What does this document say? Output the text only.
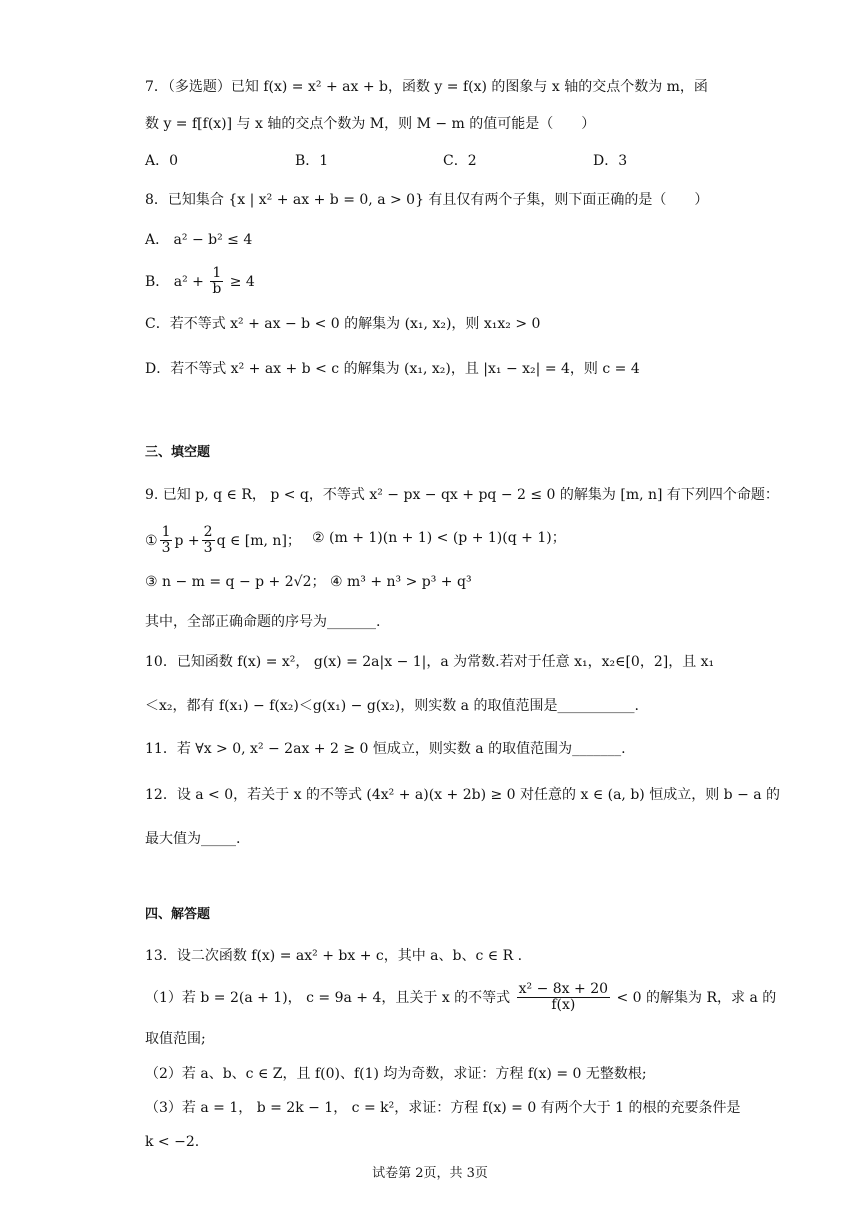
7．（多选题）已知 f(x) = x² + ax + b，函数 y = f(x) 的图象与 x 轴的交点个数为 m，函
数 y = f[f(x)] 与 x 轴的交点个数为 M，则 M − m 的值可能是（　　）
A．0	B．1	C．2	D．3
8．已知集合 {x | x² + ax + b = 0, a > 0} 有且仅有两个子集，则下面正确的是（　　）
A． a² − b² ≤ 4
B． $a^2 + \frac{1}{b} \ge 4$
C．若不等式 x² + ax − b < 0 的解集为 (x₁, x₂)，则 x₁x₂ > 0
D．若不等式 x² + ax + b < c 的解集为 (x₁, x₂)，且 |x₁ − x₂| = 4，则 c = 4
三、填空题
9. 已知 p, q ∈ R， p < q，不等式 x² − px − qx + pq − 2 ≤ 0 的解集为 [m, n] 有下列四个命题：
① $\frac{1}{3}$ $p + \frac{2}{3}$ q ∈ [m, n]； ② (m + 1)(n + 1) < (p + 1)(q + 1)；
③ n − m = q − p + 2√2； ④ m³ + n³ > p³ + q³
其中，全部正确命题的序号为_______.
10．已知函数 f(x) = x²， g(x) = 2a|x − 1|，a 为常数.若对于任意 x₁，x₂∈[0，2]，且 x₁
＜x₂，都有 f(x₁) − f(x₂)＜g(x₁) − g(x₂)，则实数 a 的取值范围是___________.
11．若 ∀x > 0, x² − 2ax + 2 ≥ 0 恒成立，则实数 a 的取值范围为_______.
12．设 a < 0，若关于 x 的不等式 (4x² + a)(x + 2b) ≥ 0 对任意的 x ∈ (a, b) 恒成立，则 b − a 的
最大值为_____.
四、解答题
13．设二次函数 f(x) = ax² + bx + c，其中 a、b、c ∈ R .
（1）若 b = 2(a + 1)， c = 9a + 4，且关于 x 的不等式 $\frac{\text{x² − 8x + 20}}{f(x)} < 0$ 的解集为 R，求 a 的
取值范围;
（2）若 a、b、c ∈ Z，且 f(0)、f(1) 均为奇数，求证：方程 f(x) = 0 无整数根;
（3）若 a = 1， b = 2k − 1， c = k²，求证：方程 f(x) = 0 有两个大于 1 的根的充要条件是
k < −2.
试卷第 2页，共 3页
